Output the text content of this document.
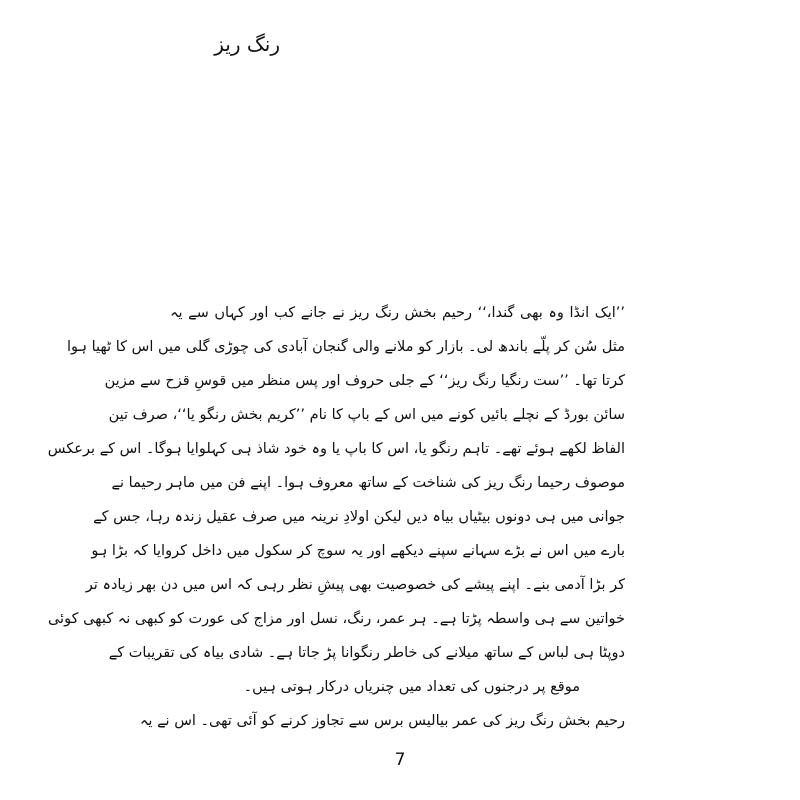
رنگ ریز
’’ایک انڈا وہ بھی گندا،‘‘ رحیم بخش رنگ ریز نے جانے کب اور کہاں سے یہ
مثل سُن کر پلّے باندھ لی۔ بازار کو ملانے والی گنجان آبادی کی چوڑی گلی میں اس کا ٹھیا ہوا
کرتا تھا۔ ’’ست رنگیا رنگ ریز‘‘ کے جلی حروف اور پس منظر میں قوسِ قزح سے مزین
سائن بورڈ کے نچلے بائیں کونے میں اس کے باپ کا نام ’’کریم بخش رنگو یا‘‘، صرف تین
الفاظ لکھے ہوئے تھے۔ تاہم رنگو یا، اس کا باپ یا وہ خود شاذ ہی کہلوایا ہوگا۔ اس کے برعکس
موصوف رحیما رنگ ریز کی شناخت کے ساتھ معروف ہوا۔ اپنے فن میں ماہر رحیما نے
جوانی میں ہی دونوں بیٹیاں بیاہ دیں لیکن اولادِ نرینہ میں صرف عقیل زندہ رہا، جس کے
بارے میں اس نے بڑے سہانے سپنے دیکھے اور یہ سوچ کر سکول میں داخل کروایا کہ بڑا ہو
کر بڑا آدمی بنے۔ اپنے پیشے کی خصوصیت بھی پیشِ نظر رہی کہ اس میں دن بھر زیادہ تر
خواتین سے ہی واسطہ پڑتا ہے۔ ہر عمر، رنگ، نسل اور مزاج کی عورت کو کبھی نہ کبھی کوئی
دوپٹا ہی لباس کے ساتھ میلانے کی خاطر رنگوانا پڑ جاتا ہے۔ شادی بیاہ کی تقریبات کے
موقع پر درجنوں کی تعداد میں چنریاں درکار ہوتی ہیں۔
رحیم بخش رنگ ریز کی عمر بیالیس برس سے تجاوز کرنے کو آئی تھی۔ اس نے یہ
7
